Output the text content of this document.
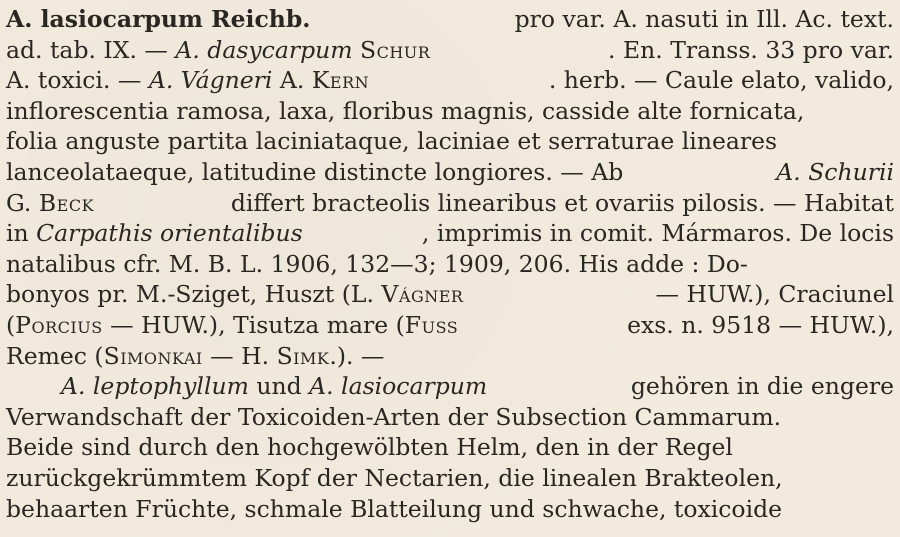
A. lasiocarpum Reichb.	pro var. A. nasuti in Ill. Ac. text.
ad. tab. IX. — A. dasycarpum Schur	. En. Transs. 33 pro var.
A. toxici. — A. Vágneri A. Kern	. herb. — Caule elato, valido,
inflorescentia ramosa, laxa, floribus magnis, casside alte fornicata,
folia anguste partita laciniataque, laciniae et serraturae lineares
lanceolataeque, latitudine distincte longiores. — Ab	A. Schurii
G. Beck	differt bracteolis linearibus et ovariis pilosis. — Habitat
in Carpathis orientalibus	, imprimis in comit. Mármaros. De locis
natalibus cfr. M. B. L. 1906, 132—3; 1909, 206. His adde : Do-
bonyos pr. M.-Sziget, Huszt (L. Vágner	— HUW.), Craciunel
(Porcius — HUW.), Tisutza mare (Fuss	exs. n. 9518 — HUW.),
Remec ( Simonkai — H. Simk .). —
A. leptophyllum und A. lasiocarpum	gehören in die engere
Verwandschaft der Toxicoiden-Arten der Subsection Cammarum.
Beide sind durch den hochgewölbten Helm, den in der Regel
zurückgekrümmtem Kopf der Nectarien, die linealen Brakteolen,
behaarten Früchte, schmale Blatteilung und schwache, toxicoide
